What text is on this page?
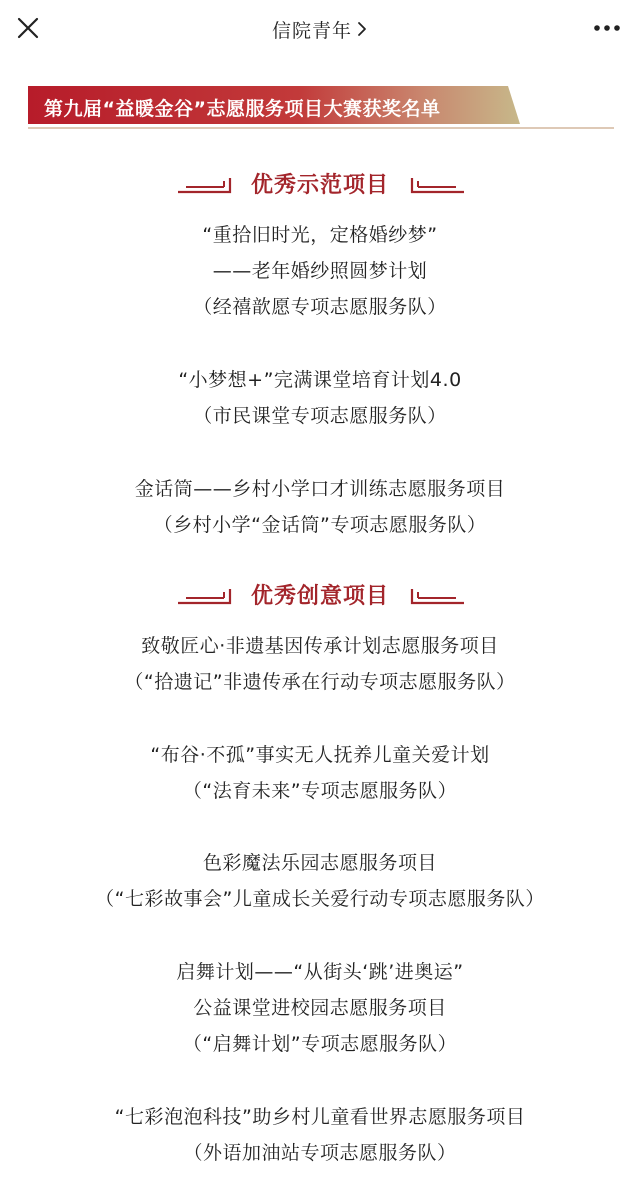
信院青年
第九届“益暖金谷”志愿服务项目大赛获奖名单
优秀示范项目
“重拾旧时光，定格婚纱梦”
——老年婚纱照圆梦计划
（经禧歆愿专项志愿服务队）
“小梦想+”完满课堂培育计划4.0
（市民课堂专项志愿服务队）
金话筒——乡村小学口才训练志愿服务项目
（乡村小学“金话筒”专项志愿服务队）
优秀创意项目
致敬匠心·非遗基因传承计划志愿服务项目
（“拾遗记”非遗传承在行动专项志愿服务队）
“布谷·不孤”事实无人抚养儿童关爱计划
（“法育未来”专项志愿服务队）
色彩魔法乐园志愿服务项目
（“七彩故事会”儿童成长关爱行动专项志愿服务队）
启舞计划——“从街头‘跳’进奥运”
公益课堂进校园志愿服务项目
（“启舞计划”专项志愿服务队）
“七彩泡泡科技”助乡村儿童看世界志愿服务项目
（外语加油站专项志愿服务队）
